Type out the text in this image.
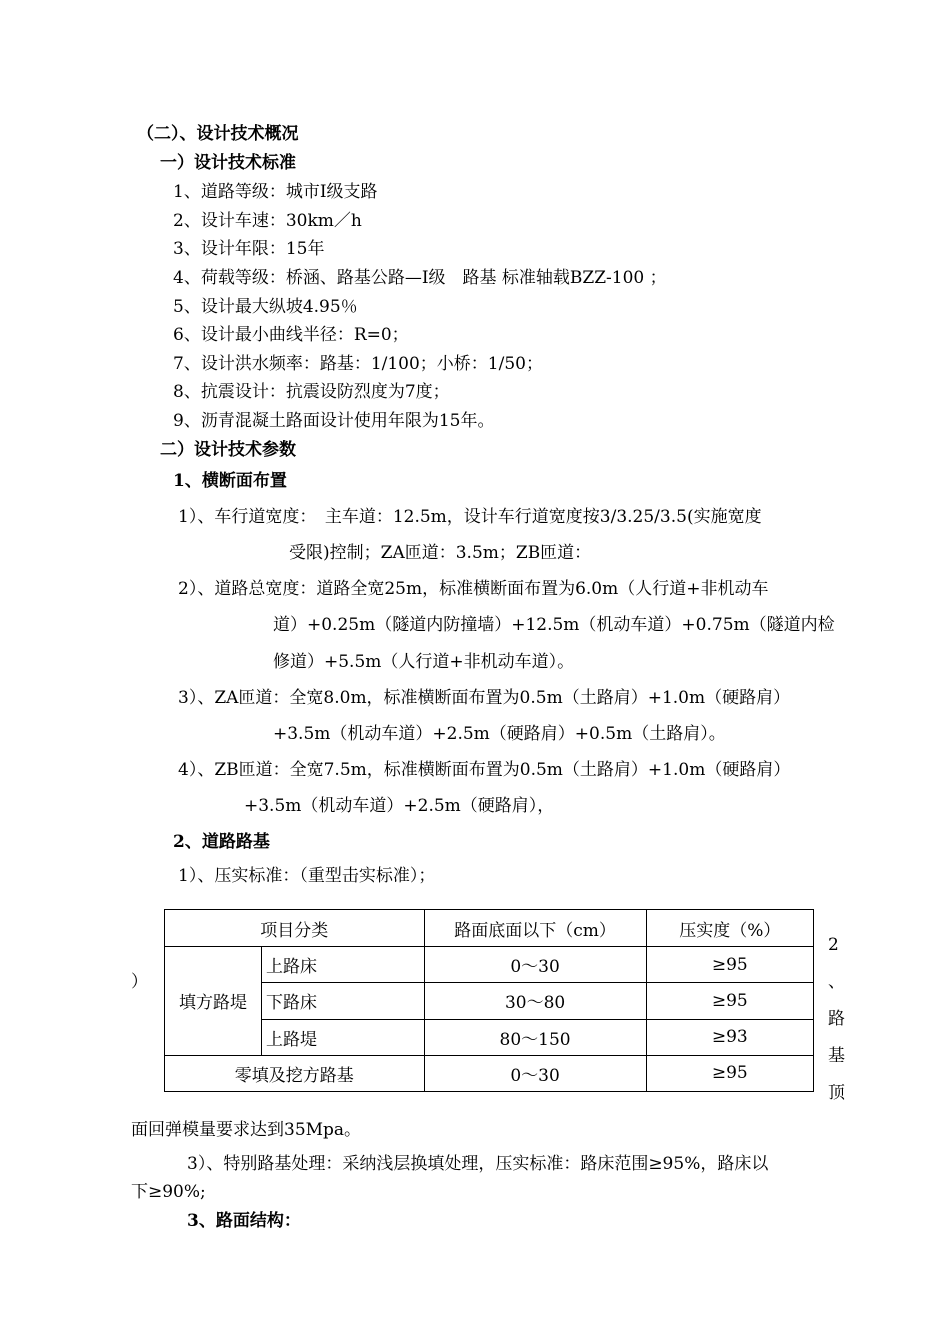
（二）、设计技术概况
一）设计技术标准
1、道路等级：城市Ⅰ级支路
2、设计车速：30km／h
3、设计年限：15年
4、荷载等级：桥涵、路基公路—Ⅰ级　路基 标准轴载BZZ-100 ；
5、设计最大纵坡4.95％
6、设计最小曲线半径：R=0；
7、设计洪水频率：路基：1/100；小桥：1/50；
8、抗震设计：抗震设防烈度为7度；
9、沥青混凝土路面设计使用年限为15年。
二）设计技术参数
1、横断面布置
1）、车行道宽度：　主车道：12.5m，设计车行道宽度按3/3.25/3.5(实施宽度
受限)控制；ZA匝道：3.5m；ZB匝道：
2）、道路总宽度：道路全宽25m，标准横断面布置为6.0m（人行道+非机动车
道）+0.25m（隧道内防撞墙）+12.5m（机动车道）+0.75m（隧道内检
修道）+5.5m（人行道+非机动车道）。
3）、ZA匝道：全宽8.0m，标准横断面布置为0.5m（土路肩）+1.0m（硬路肩）
+3.5m（机动车道）+2.5m（硬路肩）+0.5m（土路肩）。
4）、ZB匝道：全宽7.5m，标准横断面布置为0.5m（土路肩）+1.0m（硬路肩）
+3.5m（机动车道）+2.5m（硬路肩），
2、道路路基
1）、压实标准：（重型击实标准）；
项目分类		路面底面以下（cm）	压实度（%）
填方路堤	上路床	0～30	≥95
	下路床	30～80	≥95
	上路堤	80～150	≥93
零填及挖方路基		0～30	≥95
）
2
、
路
基
顶
面回弹模量要求达到35Mpa。
3）、特别路基处理：采纳浅层换填处理，压实标准：路床范围≥95%，路床以
下≥90%;
3、路面结构：
